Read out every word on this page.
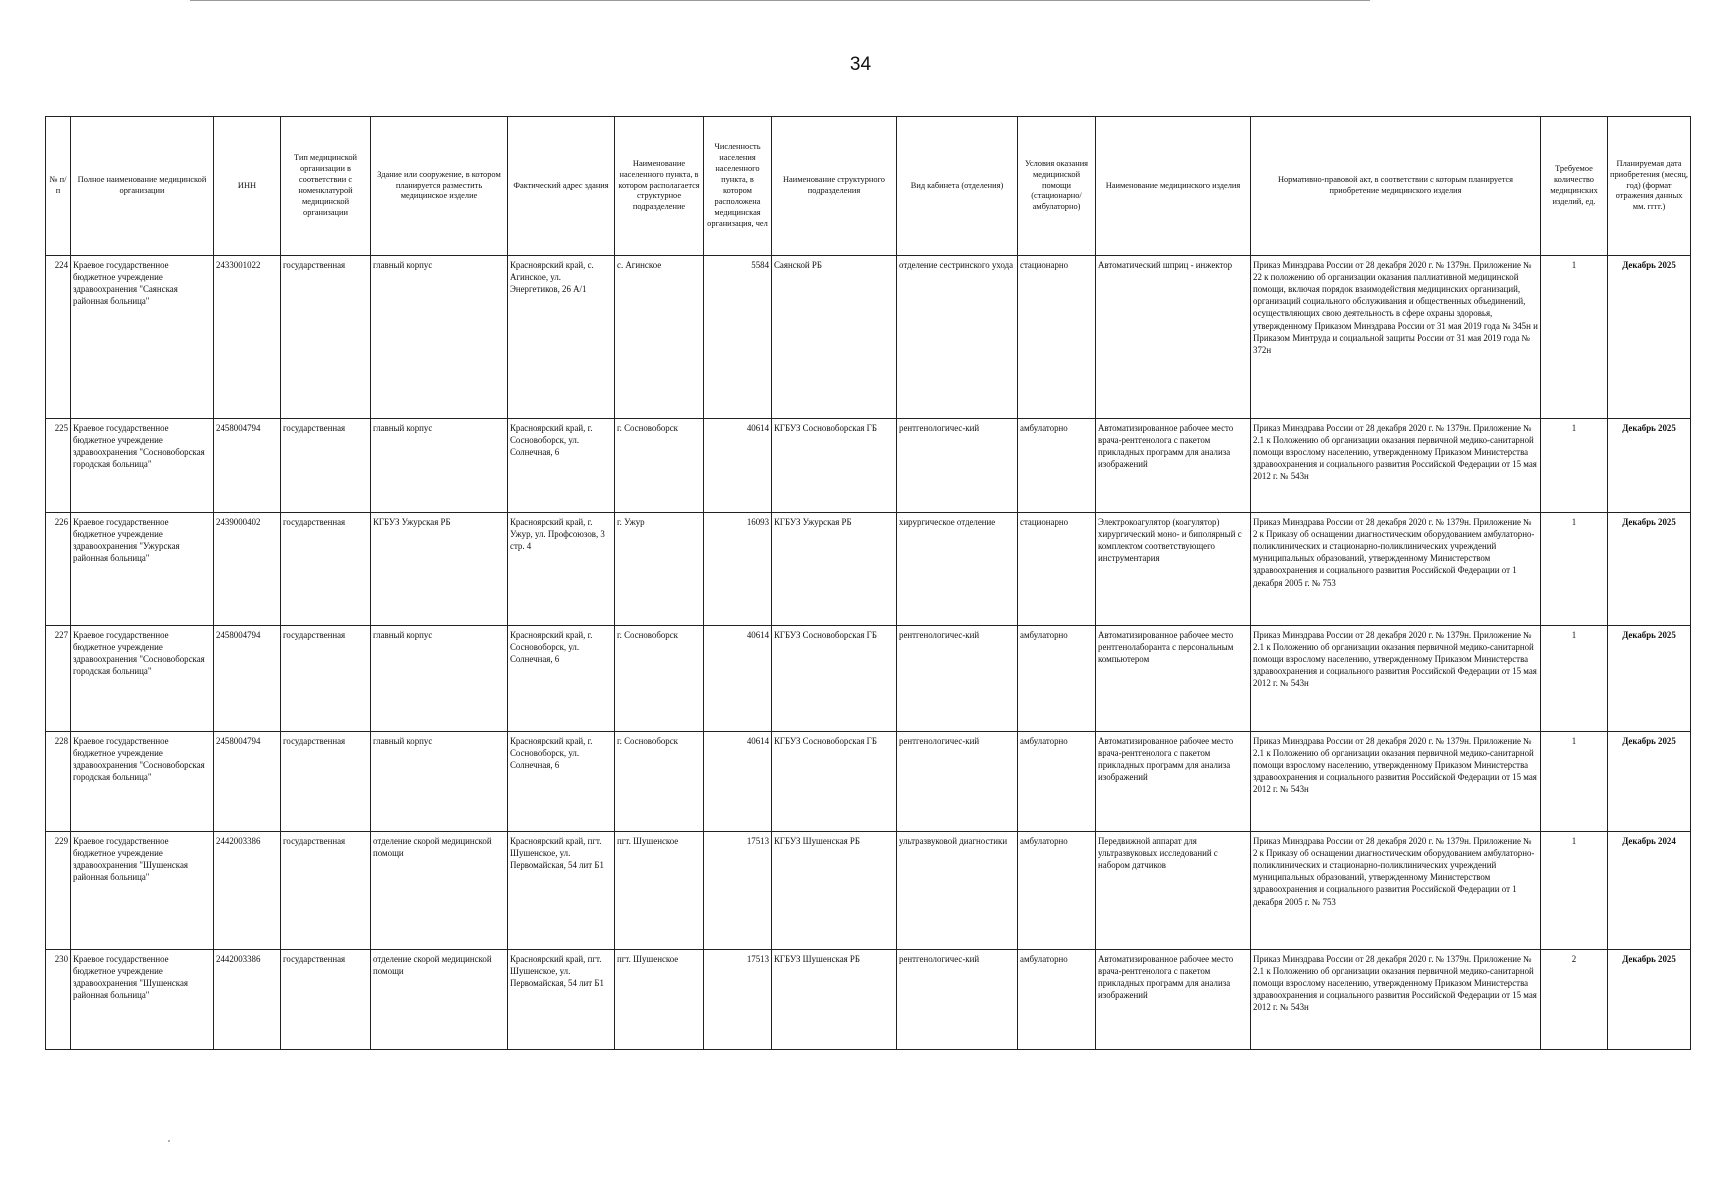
34
№ п/п	Полное наименование медицинской организации	ИНН	Тип медицинской организации в соответствии с номенклатурой медицинской организации	Здание или сооружение, в котором планируется разместить медицинское изделие	Фактический адрес здания	Наименование населенного пункта, в котором располагается структурное подразделение	Численность населения населенного пункта, в котором расположена медицинская организация, чел	Наименование структурного подразделения	Вид кабинета (отделения)	Условия оказания медицинской помощи (стационарно/ амбулаторно)	Наименование медицинского изделия	Нормативно-правовой акт, в соответствии с которым планируется приобретение медицинского изделия	Требуемое количество медицинских изделий, ед.	Планируемая дата приобретения (месяц, год) (формат отражения данных мм. гггг.)
224	Краевое государственное бюджетное учреждение здравоохранения "Саянская районная больница"	2433001022	государственная	главный корпус	Красноярский край, с. Агинское, ул. Энергетиков, 26 А/1	с. Агинское	5584	Саянской РБ	отделение сестринского ухода	стационарно	Автоматический шприц - инжектор	Приказ Минздрава России от 28 декабря 2020 г. № 1379н. Приложение № 22 к положению об организации оказания паллиативной медицинской помощи, включая порядок взаимодействия медицинских организаций, организаций социального обслуживания и общественных объединений, осуществляющих свою деятельность в сфере охраны здоровья, утвержденному Приказом Минздрава России от 31 мая 2019 года № 345н и Приказом Минтруда и социальной защиты России от 31 мая 2019 года № 372н	1	Декабрь 2025
225	Краевое государственное бюджетное учреждение здравоохранения "Сосновоборская городская больница"	2458004794	государственная	главный корпус	Красноярский край, г. Сосновоборск, ул. Солнечная, 6	г. Сосновоборск	40614	КГБУЗ Сосновоборская ГБ	рентгенологичес-кий	амбулаторно	Автоматизированное рабочее место врача-рентгенолога с пакетом прикладных программ для анализа изображений	Приказ Минздрава России от 28 декабря 2020 г. № 1379н. Приложение № 2.1 к Положению об организации оказания первичной медико-санитарной помощи взрослому населению, утвержденному Приказом Министерства здравоохранения и социального развития Российской Федерации от 15 мая 2012 г. № 543н	1	Декабрь 2025
226	Краевое государственное бюджетное учреждение здравоохранения "Ужурская районная больница"	2439000402	государственная	КГБУЗ Ужурская РБ	Красноярский край, г. Ужур, ул. Профсоюзов, 3 стр. 4	г. Ужур	16093	КГБУЗ Ужурская РБ	хирургическое отделение	стационарно	Электрокоагулятор (коагулятор) хирургический моно- и биполярный с комплектом соответствующего инструментария	Приказ Минздрава России от 28 декабря 2020 г. № 1379н. Приложение № 2 к Приказу об оснащении диагностическим оборудованием амбулаторно-поликлинических и стационарно-поликлинических учреждений муниципальных образований, утвержденному Министерством здравоохранения и социального развития Российской Федерации от 1 декабря 2005 г. № 753	1	Декабрь 2025
227	Краевое государственное бюджетное учреждение здравоохранения "Сосновоборская городская больница"	2458004794	государственная	главный корпус	Красноярский край, г. Сосновоборск, ул. Солнечная, 6	г. Сосновоборск	40614	КГБУЗ Сосновоборская ГБ	рентгенологичес-кий	амбулаторно	Автоматизированное рабочее место рентгенолаборанта с персональным компьютером	Приказ Минздрава России от 28 декабря 2020 г. № 1379н. Приложение № 2.1 к Положению об организации оказания первичной медико-санитарной помощи взрослому населению, утвержденному Приказом Министерства здравоохранения и социального развития Российской Федерации от 15 мая 2012 г. № 543н	1	Декабрь 2025
228	Краевое государственное бюджетное учреждение здравоохранения "Сосновоборская городская больница"	2458004794	государственная	главный корпус	Красноярский край, г. Сосновоборск, ул. Солнечная, 6	г. Сосновоборск	40614	КГБУЗ Сосновоборская ГБ	рентгенологичес-кий	амбулаторно	Автоматизированное рабочее место врача-рентгенолога с пакетом прикладных программ для анализа изображений	Приказ Минздрава России от 28 декабря 2020 г. № 1379н. Приложение № 2.1 к Положению об организации оказания первичной медико-санитарной помощи взрослому населению, утвержденному Приказом Министерства здравоохранения и социального развития Российской Федерации от 15 мая 2012 г. № 543н	1	Декабрь 2025
229	Краевое государственное бюджетное учреждение здравоохранения "Шушенская районная больница"	2442003386	государственная	отделение скорой медицинской помощи	Красноярский край, пгт. Шушенское, ул. Первомайская, 54 лит Б1	пгт. Шушенское	17513	КГБУЗ Шушенская РБ	ультразвуковой диагностики	амбулаторно	Передвижной аппарат для ультразвуковых исследований с набором датчиков	Приказ Минздрава России от 28 декабря 2020 г. № 1379н. Приложение № 2 к Приказу об оснащении диагностическим оборудованием амбулаторно-поликлинических и стационарно-поликлинических учреждений муниципальных образований, утвержденному Министерством здравоохранения и социального развития Российской Федерации от 1 декабря 2005 г. № 753	1	Декабрь 2024
230	Краевое государственное бюджетное учреждение здравоохранения "Шушенская районная больница"	2442003386	государственная	отделение скорой медицинской помощи	Красноярский край, пгт. Шушенское, ул. Первомайская, 54 лит Б1	пгт. Шушенское	17513	КГБУЗ Шушенская РБ	рентгенологичес-кий	амбулаторно	Автоматизированное рабочее место врача-рентгенолога с пакетом прикладных программ для анализа изображений	Приказ Минздрава России от 28 декабря 2020 г. № 1379н. Приложение № 2.1 к Положению об организации оказания первичной медико-санитарной помощи взрослому населению, утвержденному Приказом Министерства здравоохранения и социального развития Российской Федерации от 15 мая 2012 г. № 543н	2	Декабрь 2025
